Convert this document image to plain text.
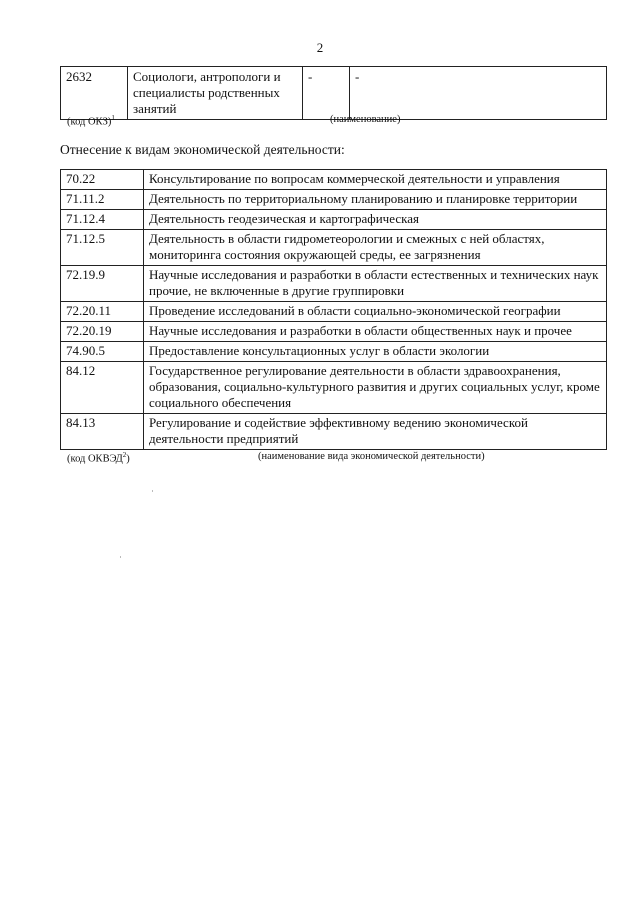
2
2632	Социологи, антропологи и специалисты родственных занятий	-	-
(код ОКЗ)$^1$	(наименование)
Отнесение к видам экономической деятельности:
70.22	Консультирование по вопросам коммерческой деятельности и управления
71.11.2	Деятельность по территориальному планированию и планировке территории
71.12.4	Деятельность геодезическая и картографическая
71.12.5	Деятельность в области гидрометеорологии и смежных с ней областях, мониторинга состояния окружающей среды, ее загрязнения
72.19.9	Научные исследования и разработки в области естественных и технических наук прочие, не включенные в другие группировки
72.20.11	Проведение исследований в области социально-экономической географии
72.20.19	Научные исследования и разработки в области общественных наук и прочее
74.90.5	Предоставление консультационных услуг в области экологии
84.12	Государственное регулирование деятельности в области здравоохранения, образования, социально-культурного развития и других социальных услуг, кроме социального обеспечения
84.13	Регулирование и содействие эффективному ведению экономической деятельности предприятий
(код ОКВЭД$^2$)	(наименование вида экономической деятельности)
